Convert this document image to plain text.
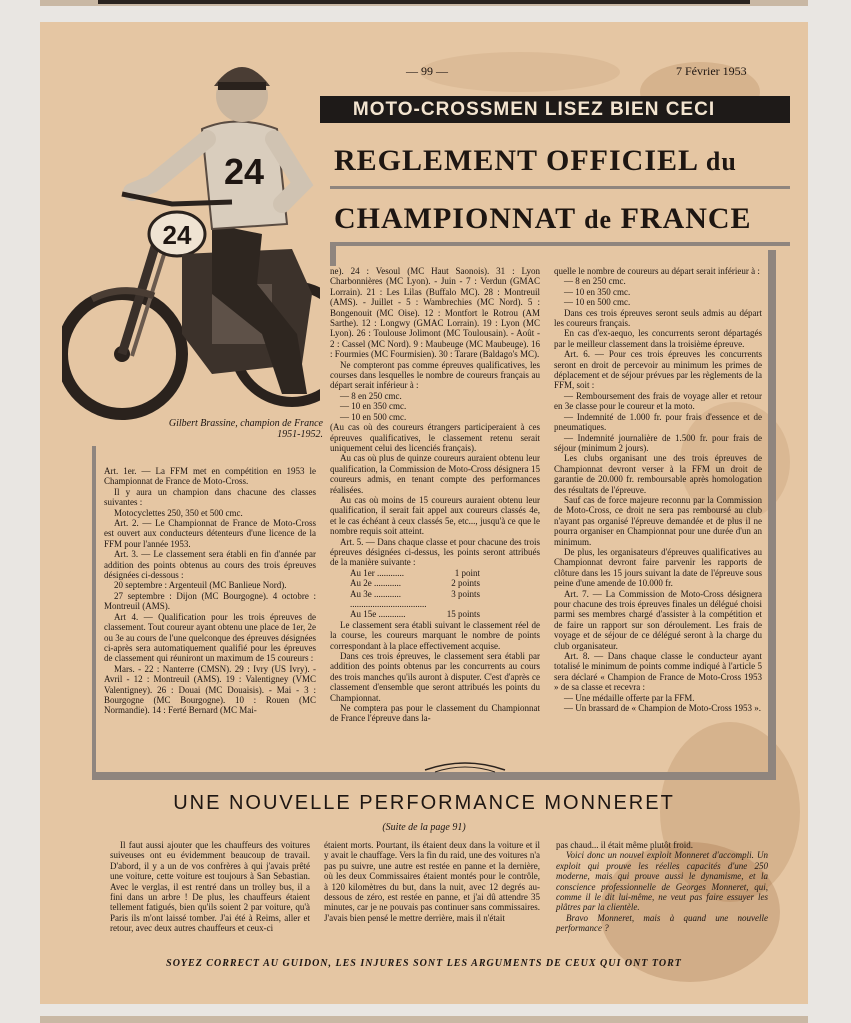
— 99 —	7 Février 1953
MOTO-CROSSMEN LISEZ BIEN CECI
REGLEMENT OFFICIEL du
CHAMPIONNAT de FRANCE
24
24
Gilbert Brassine, champion de France 1951-1952.

Art. 1er. — La FFM met en compétition en 1953 le Championnat de France de Moto-Cross.

Il y aura un champion dans chacune des classes suivantes :

Motocyclettes 250, 350 et 500 cmc.

Art. 2. — Le Championnat de France de Moto-Cross est ouvert aux conducteurs détenteurs d'une licence de la FFM pour l'année 1953.

Art. 3. — Le classement sera établi en fin d'année par addition des points obtenus au cours des trois épreuves désignées ci-dessous :

20 septembre : Argenteuil (MC Banlieue Nord).

27 septembre : Dijon (MC Bourgogne). 4 octobre : Montreuil (AMS).

Art 4. — Qualification pour les trois épreuves de classement. Tout coureur ayant obtenu une place de 1er, 2e ou 3e au cours de l'une quelconque des épreuves désignées ci-après sera automatiquement qualifié pour les épreuves de classement qui réuniront un maximum de 15 coureurs :

Mars. - 22 : Nanterre (CMSN). 29 : Ivry (US Ivry). - Avril - 12 : Montreuil (AMS). 19 : Valentigney (VMC Valentigney). 26 : Douai (MC Douaisis). - Mai - 3 : Bourgogne (MC Bourgogne). 10 : Rouen (MC Normandie). 14 : Ferté Bernard (MC Mai-

ne). 24 : Vesoul (MC Haut Saonois). 31 : Lyon Charbonnières (MC Lyon). - Juin - 7 : Verdun (GMAC Lorrain). 21 : Les Lilas (Buffalo MC). 28 : Montreuil (AMS). - Juillet - 5 : Wambrechies (MC Nord). 5 : Bongenouit (MC Oise). 12 : Montfort le Rotrou (AM Sarthe). 12 : Longwy (GMAC Lorrain). 19 : Lyon (MC Lyon). 26 : Toulouse Jolimont (MC Toulousain). - Août - 2 : Cassel (MC Nord). 9 : Maubeuge (MC Maubeuge). 16 : Fourmies (MC Fourmisien). 30 : Tarare (Baldago's MC).

Ne compteront pas comme épreuves qualificatives, les courses dans lesquelles le nombre de coureurs français au départ serait inférieur à :

— 8 en 250 cmc.

— 10 en 350 cmc.

— 10 en 500 cmc.

(Au cas où des coureurs étrangers participeraient à ces épreuves qualificatives, le classement retenu serait uniquement celui des licenciés français).

Au cas où plus de quinze coureurs auraient obtenu leur qualification, la Commission de Moto-Cross désignera 15 coureurs admis, en tenant compte des performances réalisées.

Au cas où moins de 15 coureurs auraient obtenu leur qualification, il serait fait appel aux coureurs classés 4e, et le cas échéant à ceux classés 5e, etc..., jusqu'à ce que le nombre requis soit atteint.

Art. 5. — Dans chaque classe et pour chacune des trois épreuves désignées ci-dessus, les points seront attribués de la manière suivante :

Au 1er ............	1 point
Au 2e ............	2 points
Au 3e ............	3 points
..................................
Au 15e ............	15 points

Le classement sera établi suivant le classement réel de la course, les coureurs marquant le nombre de points correspondant à la place effectivement acquise.

Dans ces trois épreuves, le classement sera établi par addition des points obtenus par les concurrents au cours des trois manches qu'ils auront à disputer. C'est d'après ce classement d'ensemble que seront attribués les points du Championnat.

Ne comptera pas pour le classement du Championnat de France l'épreuve dans la-

quelle le nombre de coureurs au départ serait inférieur à :

— 8 en 250 cmc.

— 10 en 350 cmc.

— 10 en 500 cmc.

Dans ces trois épreuves seront seuls admis au départ les coureurs français.

En cas d'ex-aequo, les concurrents seront départagés par le meilleur classement dans la troisième épreuve.

Art. 6. — Pour ces trois épreuves les concurrents seront en droit de percevoir au minimum les primes de déplacement et de séjour prévues par les règlements de la FFM, soit :

— Remboursement des frais de voyage aller et retour en 3e classe pour le coureur et la moto.

— Indemnité de 1.000 fr. pour frais d'essence et de pneumatiques.

— Indemnité journalière de 1.500 fr. pour frais de séjour (minimum 2 jours).

Les clubs organisant une des trois épreuves de Championnat devront verser à la FFM un droit de garantie de 20.000 fr. remboursable après homologation des résultats de l'épreuve.

Sauf cas de force majeure reconnu par la Commission de Moto-Cross, ce droit ne sera pas remboursé au club n'ayant pas organisé l'épreuve demandée et de plus il ne pourra organiser en Championnat pour une durée d'un an minimum.

De plus, les organisateurs d'épreuves qualificatives au Championnat devront faire parvenir les rapports de clôture dans les 15 jours suivant la date de l'épreuve sous peine d'une amende de 10.000 fr.

Art. 7. — La Commission de Moto-Cross désignera pour chacune des trois épreuves finales un délégué choisi parmi ses membres chargé d'assister à la compétition et de faire un rapport sur son déroulement. Les frais de voyage et de séjour de ce délégué seront à la charge du club organisateur.

Art. 8. — Dans chaque classe le conducteur ayant totalisé le minimum de points comme indiqué à l'article 5 sera déclaré « Champion de France de Moto-Cross 1953 » de sa classe et recevra :

— Une médaille offerte par la FFM.

— Un brassard de « Champion de Moto-Cross 1953 ».

UNE NOUVELLE PERFORMANCE MONNERET
(Suite de la page 91)

Il faut aussi ajouter que les chauffeurs des voitures suiveuses ont eu évidemment beaucoup de travail. D'abord, il y a un de vos confrères à qui j'avais prêté une voiture, cette voiture est toujours à San Sebastian. Avec le verglas, il est rentré dans un trolley bus, il a fini dans un arbre ! De plus, les chauffeurs étaient tellement fatigués, bien qu'ils soient 2 par voiture, qu'à Paris ils m'ont laissé tomber. J'ai été à Reims, aller et retour, avec deux autres chauffeurs et ceux-ci

étaient morts. Pourtant, ils étaient deux dans la voiture et il y avait le chauffage. Vers la fin du raid, une des voitures n'a pas pu suivre, une autre est restée en panne et la dernière, où les deux Commissaires étaient montés pour le contrôle, à 120 kilomètres du but, dans la nuit, avec 12 degrés au-dessous de zéro, est restée en panne, et j'ai dû attendre 35 minutes, car je ne pouvais pas continuer sans commissaires. J'avais bien pensé le mettre derrière, mais il n'était

pas chaud... il était même plutôt froid.

Voici donc un nouvel exploit Monneret d'accompli. Un exploit qui prouve les réelles capacités d'une 250 moderne, mais qui prouve aussi le dynamisme, et la conscience professionnelle de Georges Monneret, qui, comme il le dit lui-même, ne veut pas faire essuyer les plâtres par la clientèle.

Bravo Monneret, mais à quand une nouvelle performance ?

SOYEZ CORRECT AU GUIDON, LES INJURES SONT LES ARGUMENTS DE CEUX QUI ONT TORT
